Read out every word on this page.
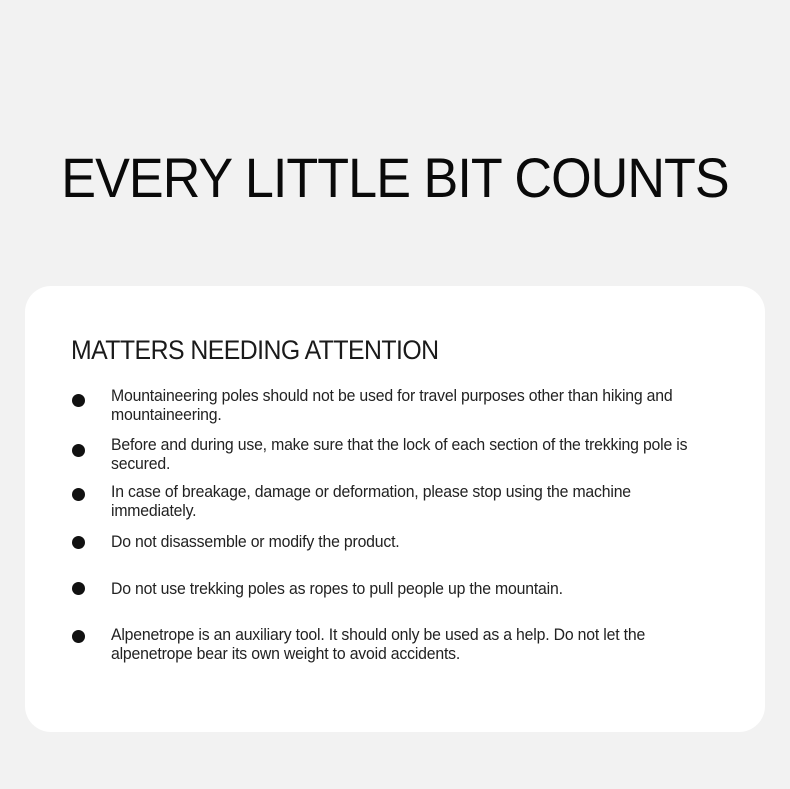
EVERY LITTLE BIT COUNTS
MATTERS NEEDING ATTENTION
Mountaineering poles should not be used for travel purposes other than hiking and mountaineering.
Before and during use, make sure that the lock of each section of the trekking pole is secured.
In case of breakage, damage or deformation, please stop using the machine immediately.
Do not disassemble or modify the product.
Do not use trekking poles as ropes to pull people up the mountain.
Alpenetrope is an auxiliary tool. It should only be used as a help. Do not let the alpenetrope bear its own weight to avoid accidents.
